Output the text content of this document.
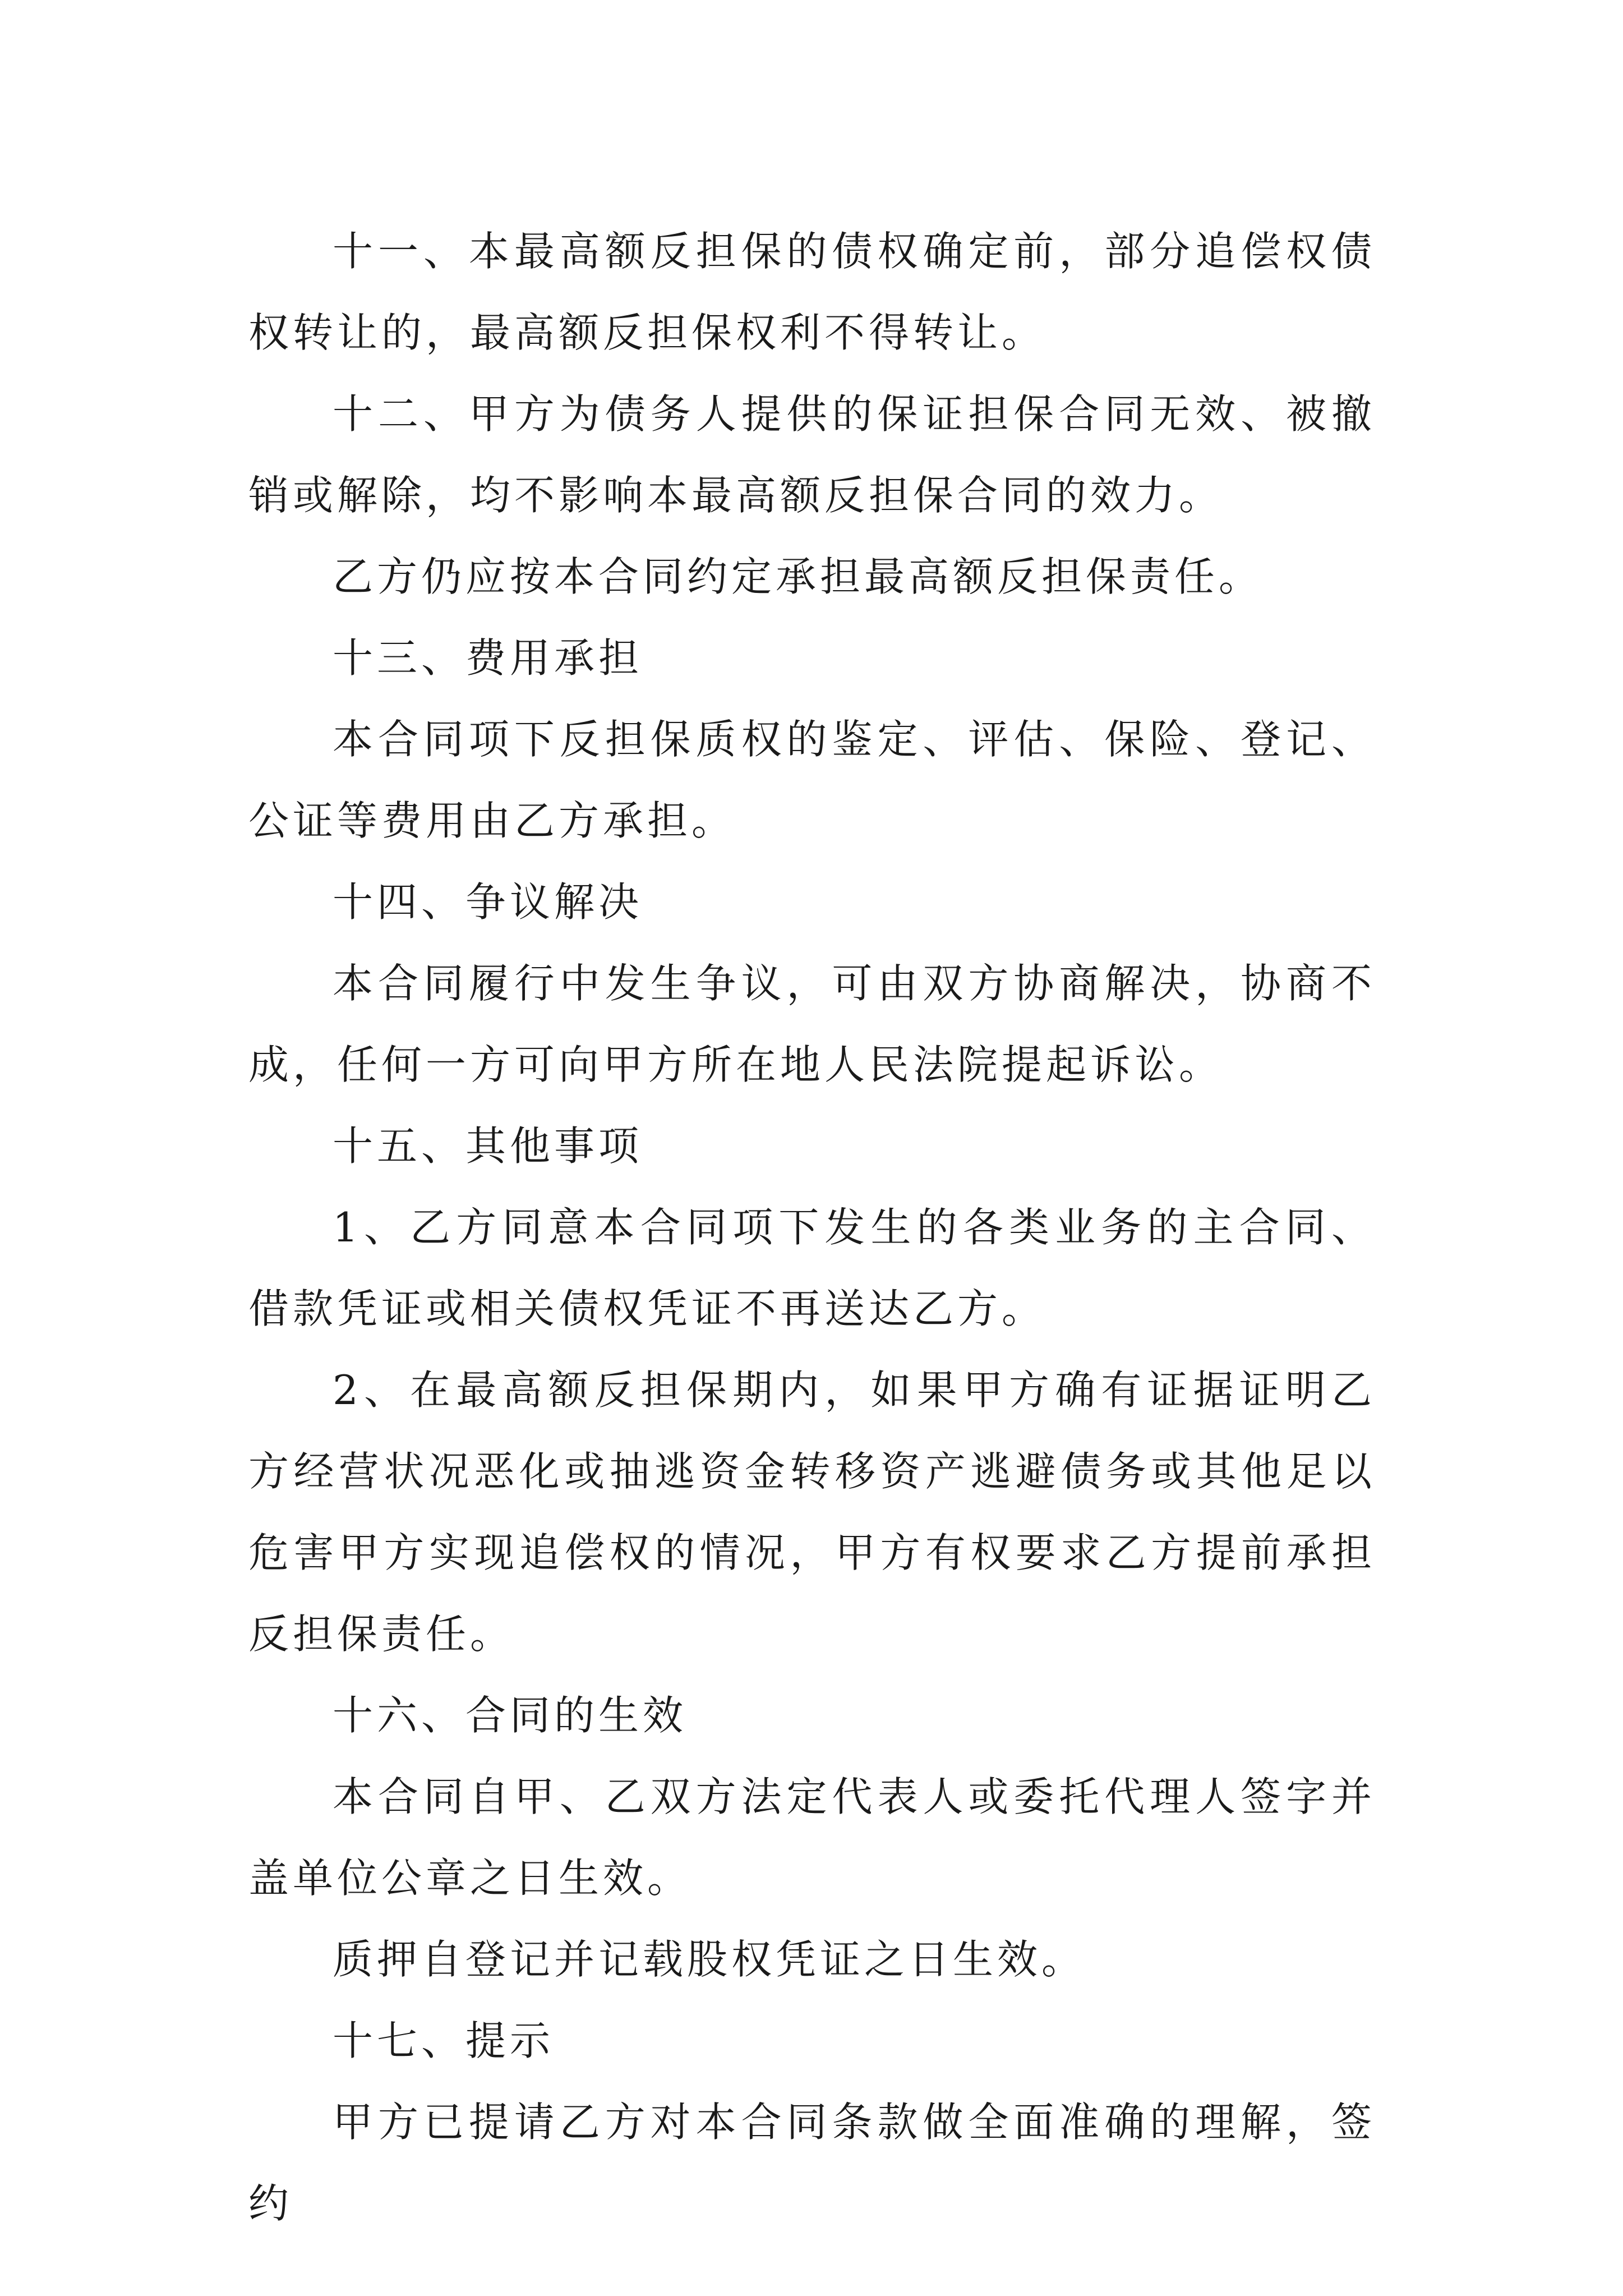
十一、本最高额反担保的债权确定前，部分追偿权债权转让的，最高额反担保权利不得转让。

十二、甲方为债务人提供的保证担保合同无效、被撤销或解除，均不影响本最高额反担保合同的效力。

乙方仍应按本合同约定承担最高额反担保责任。

十三、费用承担

本合同项下反担保质权的鉴定、评估、保险、登记、公证等费用由乙方承担。

十四、争议解决

本合同履行中发生争议，可由双方协商解决，协商不成，任何一方可向甲方所在地人民法院提起诉讼。

十五、其他事项

1、乙方同意本合同项下发生的各类业务的主合同、借款凭证或相关债权凭证不再送达乙方。

2、在最高额反担保期内，如果甲方确有证据证明乙方经营状况恶化或抽逃资金转移资产逃避债务或其他足以危害甲方实现追偿权的情况，甲方有权要求乙方提前承担反担保责任。

十六、合同的生效

本合同自甲、乙双方法定代表人或委托代理人签字并盖单位公章之日生效。

质押自登记并记载股权凭证之日生效。

十七、提示

甲方已提请乙方对本合同条款做全面准确的理解，签约
